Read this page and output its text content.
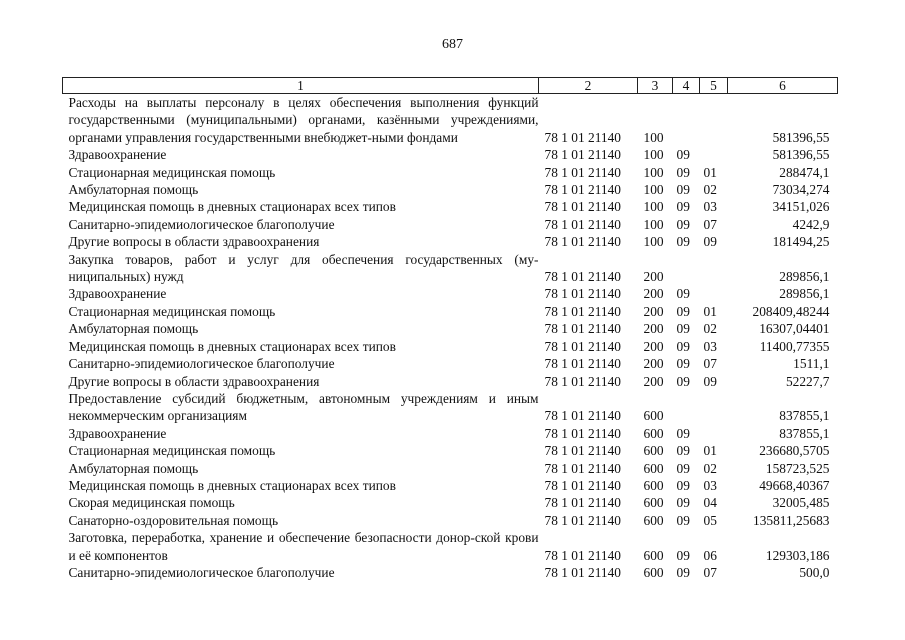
687
1	2	3	4	5	6
Расходы на выплаты персоналу в целях обеспечения выполнения функций государственными (муниципальными) органами, казёнными учреждениями, органами управления государственными внебюджет-ными фондами	78 1 01 21140	100			581396,55
Здравоохранение	78 1 01 21140	100	09		581396,55
Стационарная медицинская помощь	78 1 01 21140	100	09	01	288474,1
Амбулаторная помощь	78 1 01 21140	100	09	02	73034,274
Медицинская помощь в дневных стационарах всех типов	78 1 01 21140	100	09	03	34151,026
Санитарно-эпидемиологическое благополучие	78 1 01 21140	100	09	07	4242,9
Другие вопросы в области здравоохранения	78 1 01 21140	100	09	09	181494,25
Закупка товаров, работ и услуг для обеспечения государственных (му-ниципальных) нужд	78 1 01 21140	200			289856,1
Здравоохранение	78 1 01 21140	200	09		289856,1
Стационарная медицинская помощь	78 1 01 21140	200	09	01	208409,48244
Амбулаторная помощь	78 1 01 21140	200	09	02	16307,04401
Медицинская помощь в дневных стационарах всех типов	78 1 01 21140	200	09	03	11400,77355
Санитарно-эпидемиологическое благополучие	78 1 01 21140	200	09	07	1511,1
Другие вопросы в области здравоохранения	78 1 01 21140	200	09	09	52227,7
Предоставление субсидий бюджетным, автономным учреждениям и иным некоммерческим организациям	78 1 01 21140	600			837855,1
Здравоохранение	78 1 01 21140	600	09		837855,1
Стационарная медицинская помощь	78 1 01 21140	600	09	01	236680,5705
Амбулаторная помощь	78 1 01 21140	600	09	02	158723,525
Медицинская помощь в дневных стационарах всех типов	78 1 01 21140	600	09	03	49668,40367
Скорая медицинская помощь	78 1 01 21140	600	09	04	32005,485
Санаторно-оздоровительная помощь	78 1 01 21140	600	09	05	135811,25683
Заготовка, переработка, хранение и обеспечение безопасности донор-ской крови и её компонентов	78 1 01 21140	600	09	06	129303,186
Санитарно-эпидемиологическое благополучие	78 1 01 21140	600	09	07	500,0
